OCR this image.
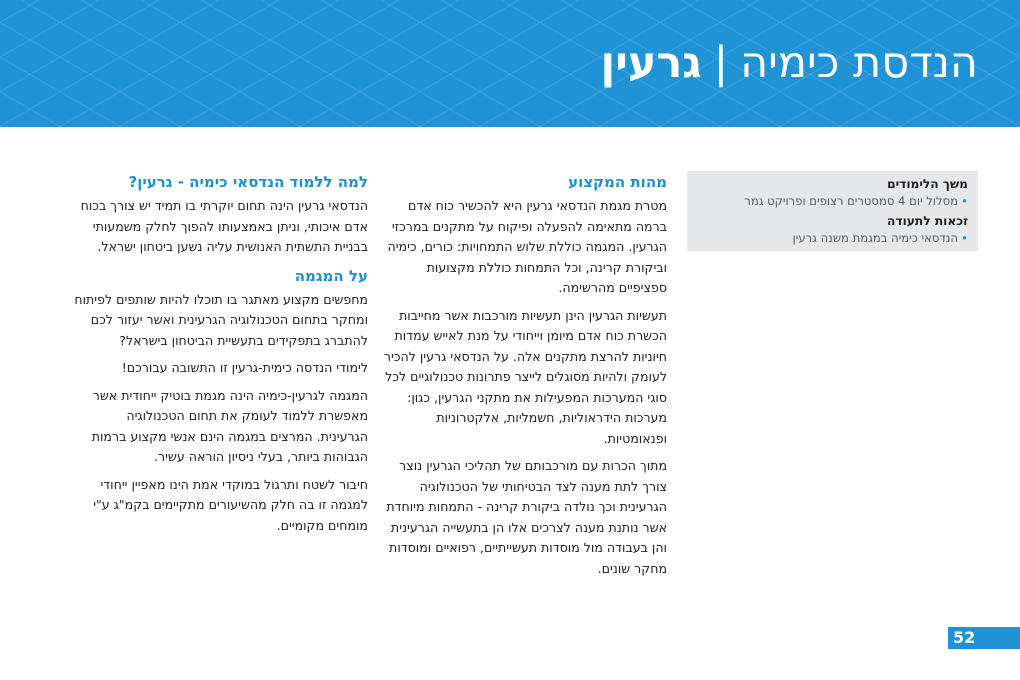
הנדסת כימיה|גרעין
משך הלימודים
• מסלול יום 4 סמסטרים רצופים ופרויקט גמר
זכאות לתעודה
• הנדסאי כימיה במגמת משנה גרעין
מהות המקצוע

מטרת מגמת הנדסאי גרעין היא להכשיר כוח אדם ברמה מתאימה להפעלה ופיקוח על מתקנים במרכזי הגרעין. המגמה כוללת שלוש התמחויות: כורים, כימיה וביקורת קרינה, וכל התמחות כוללת מקצועות ספציפיים מהרשימה.

תעשיות הגרעין הינן תעשיות מורכבות אשר מחייבות הכשרת כוח אדם מיומן וייחודי על מנת לאייש עמדות חיוניות להרצת מתקנים אלה. על הנדסאי גרעין להכיר לעומק ולהיות מסוגלים לייצר פתרונות טכנולוגיים לכל סוגי המערכות המפעילות את מתקני הגרעין, כגון: מערכות הידראוליות, חשמליות, אלקטרוניות ופנאומטיות.

מתוך הכרות עם מורכבותם של תהליכי הגרעין נוצר צורך לתת מענה לצד הבטיחותי של הטכנולוגיה הגרעינית וכך נולדה ביקורת קרינה - התמחות מיוחדת אשר נותנת מענה לצרכים אלו הן בתעשייה הגרעינית והן בעבודה מול מוסדות תעשייתיים, רפואיים ומוסדות מחקר שונים.

למה ללמוד הנדסאי כימיה - גרעין?

הנדסאי גרעין הינה תחום יוקרתי בו תמיד יש צורך בכוח אדם איכותי, וניתן באמצעותו להפוך לחלק משמעותי בבניית התשתית האנושית עליה נשען ביטחון ישראל.

על המגמה

מחפשים מקצוע מאתגר בו תוכלו להיות שותפים לפיתוח ומחקר בתחום הטכנולוגיה הגרעינית ואשר יעזור לכם להתברג בתפקידים בתעשיית הביטחון בישראל?

לימודי הנדסה כימית-גרעין זו התשובה עבורכם!

המגמה לגרעין-כימיה הינה מגמת בוטיק ייחודית אשר מאפשרת ללמוד לעומק את תחום הטכנולוגיה הגרעינית. המרצים במגמה הינם אנשי מקצוע ברמות הגבוהות ביותר, בעלי ניסיון הוראה עשיר.

חיבור לשטח ותרגול במוקדי אמת הינו מאפיין ייחודי למגמה זו בה חלק מהשיעורים מתקיימים בקמ"ג ע"י מומחים מקומיים.

52
